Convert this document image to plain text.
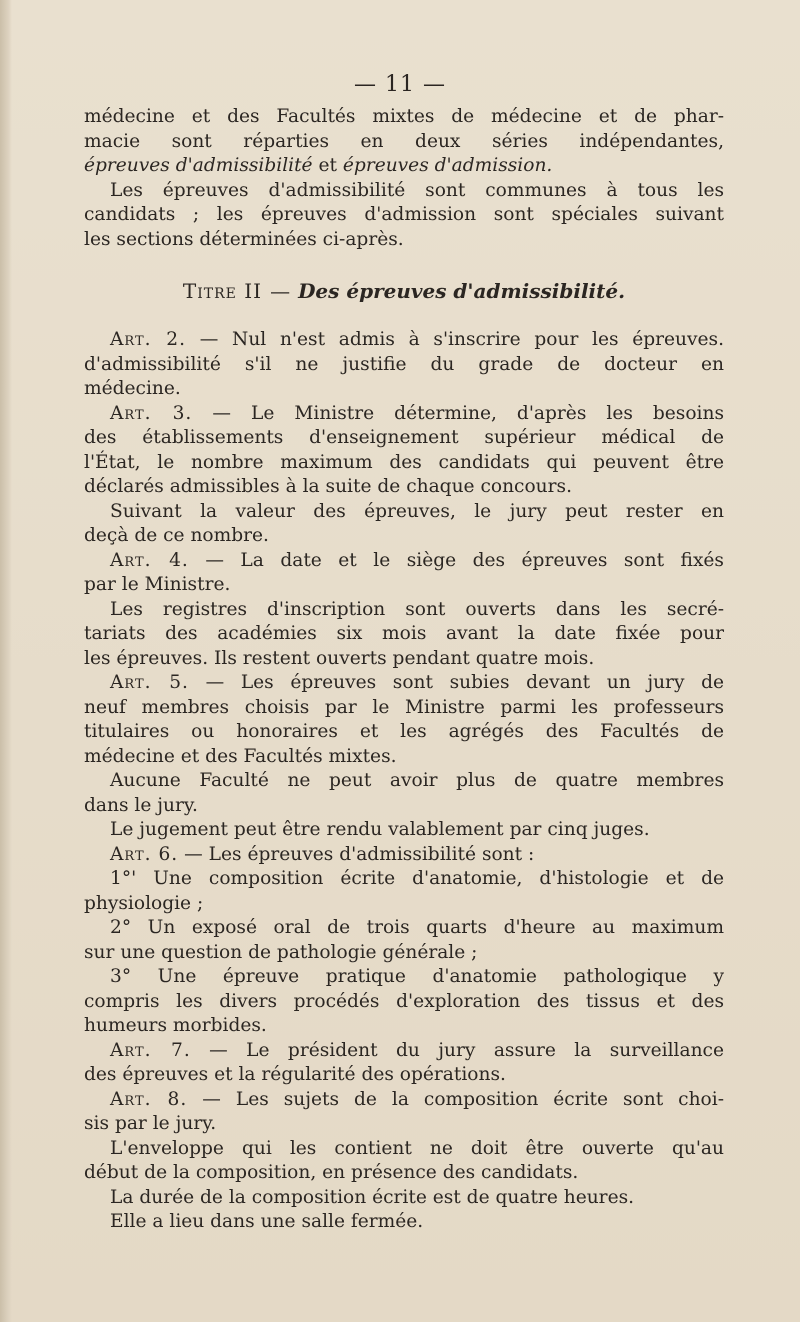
— 11 —

médecine et des Facultés mixtes de médecine et de phar-

macie sont réparties en deux séries indépendantes,

épreuves d'admissibilité et épreuves d'admission.

Les épreuves d'admissibilité sont communes à tous les

candidats ; les épreuves d'admission sont spéciales suivant

les sections déterminées ci-après.

Titre II — Des épreuves d'admissibilité.

Art. 2. — Nul n'est admis à s'inscrire pour les épreuves.

d'admissibilité s'il ne justifie du grade de docteur en

médecine.

Art. 3. — Le Ministre détermine, d'après les besoins

des établissements d'enseignement supérieur médical de

l'État, le nombre maximum des candidats qui peuvent être

déclarés admissibles à la suite de chaque concours.

Suivant la valeur des épreuves, le jury peut rester en

deçà de ce nombre.

Art. 4. — La date et le siège des épreuves sont fixés

par le Ministre.

Les registres d'inscription sont ouverts dans les secré-

tariats des académies six mois avant la date fixée pour

les épreuves. Ils restent ouverts pendant quatre mois.

Art. 5. — Les épreuves sont subies devant un jury de

neuf membres choisis par le Ministre parmi les professeurs

titulaires ou honoraires et les agrégés des Facultés de

médecine et des Facultés mixtes.

Aucune Faculté ne peut avoir plus de quatre membres

dans le jury.

Le jugement peut être rendu valablement par cinq juges.

Art. 6. — Les épreuves d'admissibilité sont :

1°' Une composition écrite d'anatomie, d'histologie et de

physiologie ;

2° Un exposé oral de trois quarts d'heure au maximum

sur une question de pathologie générale ;

3° Une épreuve pratique d'anatomie pathologique y

compris les divers procédés d'exploration des tissus et des

humeurs morbides.

Art. 7. — Le président du jury assure la surveillance

des épreuves et la régularité des opérations.

Art. 8. — Les sujets de la composition écrite sont choi-

sis par le jury.

L'enveloppe qui les contient ne doit être ouverte qu'au

début de la composition, en présence des candidats.

La durée de la composition écrite est de quatre heures.

Elle a lieu dans une salle fermée.
